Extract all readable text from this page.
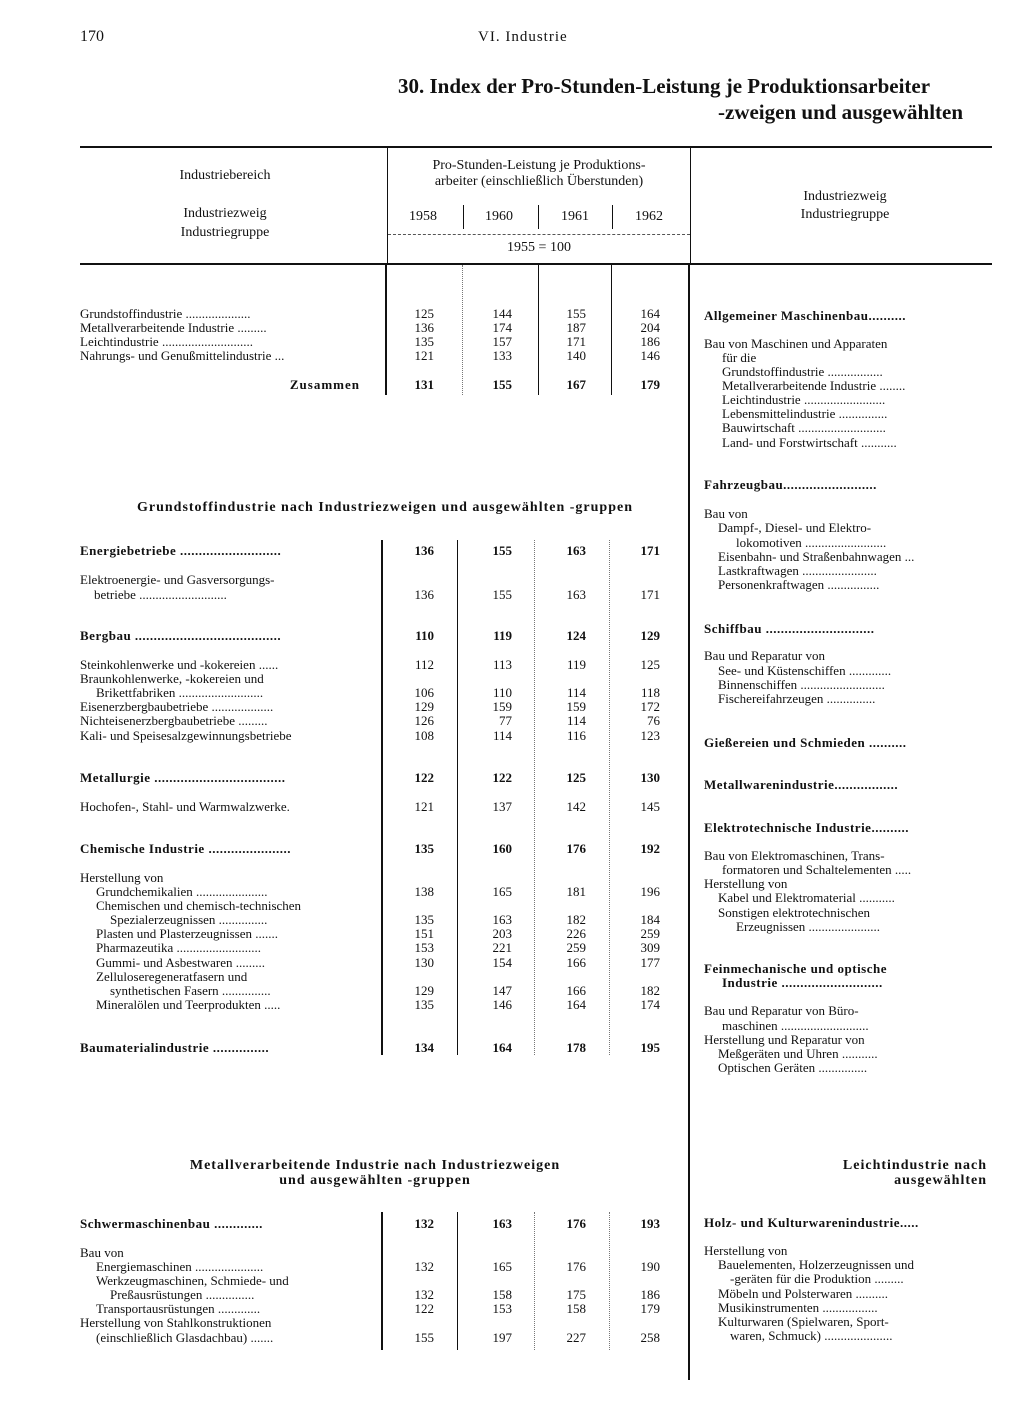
170	VI. Industrie
30. Index der Pro-Stunden-Leistung je Produktionsarbeiter
-zweigen und ausgewählten
Industriebereich
Industriezweig
Industriegruppe
Pro-Stunden-Leistung je Produktions-
arbeiter (einschließlich Überstunden)
1958	1960	1961	1962
1955 = 100
Industriezweig
Industriegruppe
Grundstoffindustrie nach Industriezweigen und ausgewählten -gruppen
Metallverarbeitende Industrie nach Industriezweigen
und ausgewählten -gruppen
Leichtindustrie nach
ausgewählten
Grundstoffindustrie ....................	125	144	155	164
Metallverarbeitende Industrie .........	136	174	187	204
Leichtindustrie ............................	135	157	171	186
Nahrungs- und Genußmittelindustrie ...	121	133	140	146
Zusammen	131	155	167	179
Energiebetriebe ...........................	136	155	163	171
Elektroenergie- und Gasversorgungs-
betriebe ...........................	136	155	163	171
Bergbau .......................................	110	119	124	129
Steinkohlenwerke und -kokereien ......	112	113	119	125
Braunkohlenwerke, -kokereien und
Brikettfabriken ..........................	106	110	114	118
Eisenerzbergbaubetriebe ...................	129	159	159	172
Nichteisenerzbergbaubetriebe .........	126	77	114	76
Kali- und Speisesalzgewinnungsbetriebe	108	114	116	123
Metallurgie ...................................	122	122	125	130
Hochofen-, Stahl- und Warmwalzwerke.	121	137	142	145
Chemische Industrie ......................	135	160	176	192
Herstellung von
Grundchemikalien ......................	138	165	181	196
Chemischen und chemisch-technischen
Spezialerzeugnissen ...............	135	163	182	184
Plasten und Plasterzeugnissen .......	151	203	226	259
Pharmazeutika ..........................	153	221	259	309
Gummi- und Asbestwaren .........	130	154	166	177
Zelluloseregeneratfasern und
synthetischen Fasern ...............	129	147	166	182
Mineralölen und Teerprodukten .....	135	146	164	174
Baumaterialindustrie ...............	134	164	178	195
Schwermaschinenbau .............	132	163	176	193
Bau von
Energiemaschinen .....................	132	165	176	190
Werkzeugmaschinen, Schmiede- und
Preßausrüstungen ...............	132	158	175	186
Transportausrüstungen .............	122	153	158	179
Herstellung von Stahlkonstruktionen
(einschließlich Glasdachbau) .......	155	197	227	258
Allgemeiner Maschinenbau..........
Bau von Maschinen und Apparaten
für die
Grundstoffindustrie .................
Metallverarbeitende Industrie ........
Leichtindustrie .........................
Lebensmittelindustrie ...............
Bauwirtschaft ...........................
Land- und Forstwirtschaft ...........
Fahrzeugbau.........................
Bau von
Dampf-, Diesel- und Elektro-
lokomotiven .........................
Eisenbahn- und Straßenbahnwagen ...
Lastkraftwagen .......................
Personenkraftwagen ................
Schiffbau .............................
Bau und Reparatur von
See- und Küstenschiffen .............
Binnenschiffen ..........................
Fischereifahrzeugen ...............
Gießereien und Schmieden ..........
Metallwarenindustrie.................
Elektrotechnische Industrie..........
Bau von Elektromaschinen, Trans-
formatoren und Schaltelementen .....
Herstellung von
Kabel und Elektromaterial ...........
Sonstigen elektrotechnischen
Erzeugnissen ......................
Feinmechanische und optische
Industrie ...........................
Bau und Reparatur von Büro-
maschinen ...........................
Herstellung und Reparatur von
Meßgeräten und Uhren ...........
Optischen Geräten ...............
Holz- und Kulturwarenindustrie.....
Herstellung von
Bauelementen, Holzerzeugnissen und
-geräten für die Produktion .........
Möbeln und Polsterwaren ..........
Musikinstrumenten .................
Kulturwaren (Spielwaren, Sport-
waren, Schmuck) .....................
